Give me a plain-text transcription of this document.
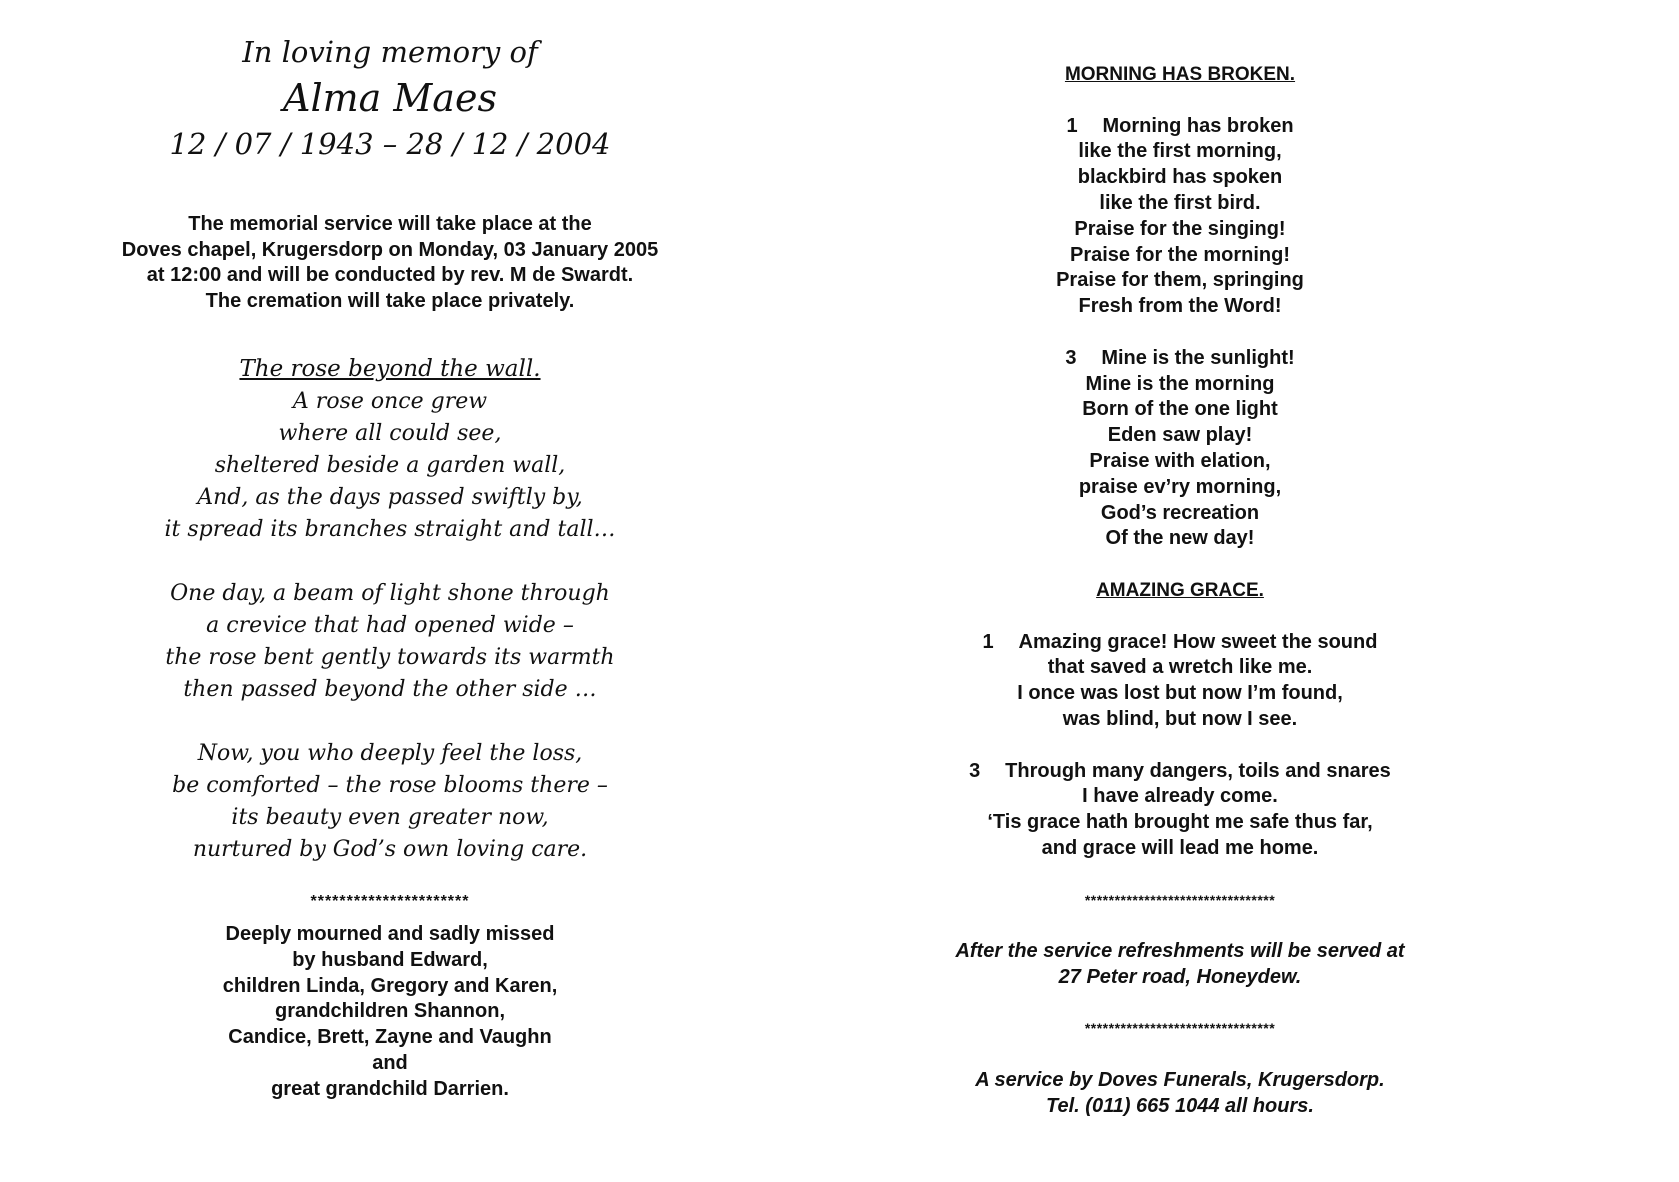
In loving memory of
Alma Maes
12 / 07 / 1943 – 28 / 12 / 2004
The memorial service will take place at the
Doves chapel, Krugersdorp on Monday, 03 January 2005
at 12:00 and will be conducted by rev. M de Swardt.
The cremation will take place privately.
The rose beyond the wall.
A rose once grew
where all could see,
sheltered beside a garden wall,
And, as the days passed swiftly by,
it spread its branches straight and tall…
One day, a beam of light shone through
a crevice that had opened wide –
the rose bent gently towards its warmth
then passed beyond the other side …
Now, you who deeply feel the loss,
be comforted – the rose blooms there –
its beauty even greater now,
nurtured by God’s own loving care.
**********************
Deeply mourned and sadly missed
by husband Edward,
children Linda, Gregory and Karen,
grandchildren Shannon,
Candice, Brett, Zayne and Vaughn
and
great grandchild Darrien.
MORNING HAS BROKEN.
1 Morning has broken
like the first morning,
blackbird has spoken
like the first bird.
Praise for the singing!
Praise for the morning!
Praise for them, springing
Fresh from the Word!
3 Mine is the sunlight!
Mine is the morning
Born of the one light
Eden saw play!
Praise with elation,
praise ev’ry morning,
God’s recreation
Of the new day!
AMAZING GRACE.
1 Amazing grace! How sweet the sound
that saved a wretch like me.
I once was lost but now I’m found,
was blind, but now I see.
3 Through many dangers, toils and snares
I have already come.
‘Tis grace hath brought me safe thus far,
and grace will lead me home.
********************************
After the service refreshments will be served at
27 Peter road, Honeydew.
********************************
A service by Doves Funerals, Krugersdorp.
Tel. (011) 665 1044 all hours.
